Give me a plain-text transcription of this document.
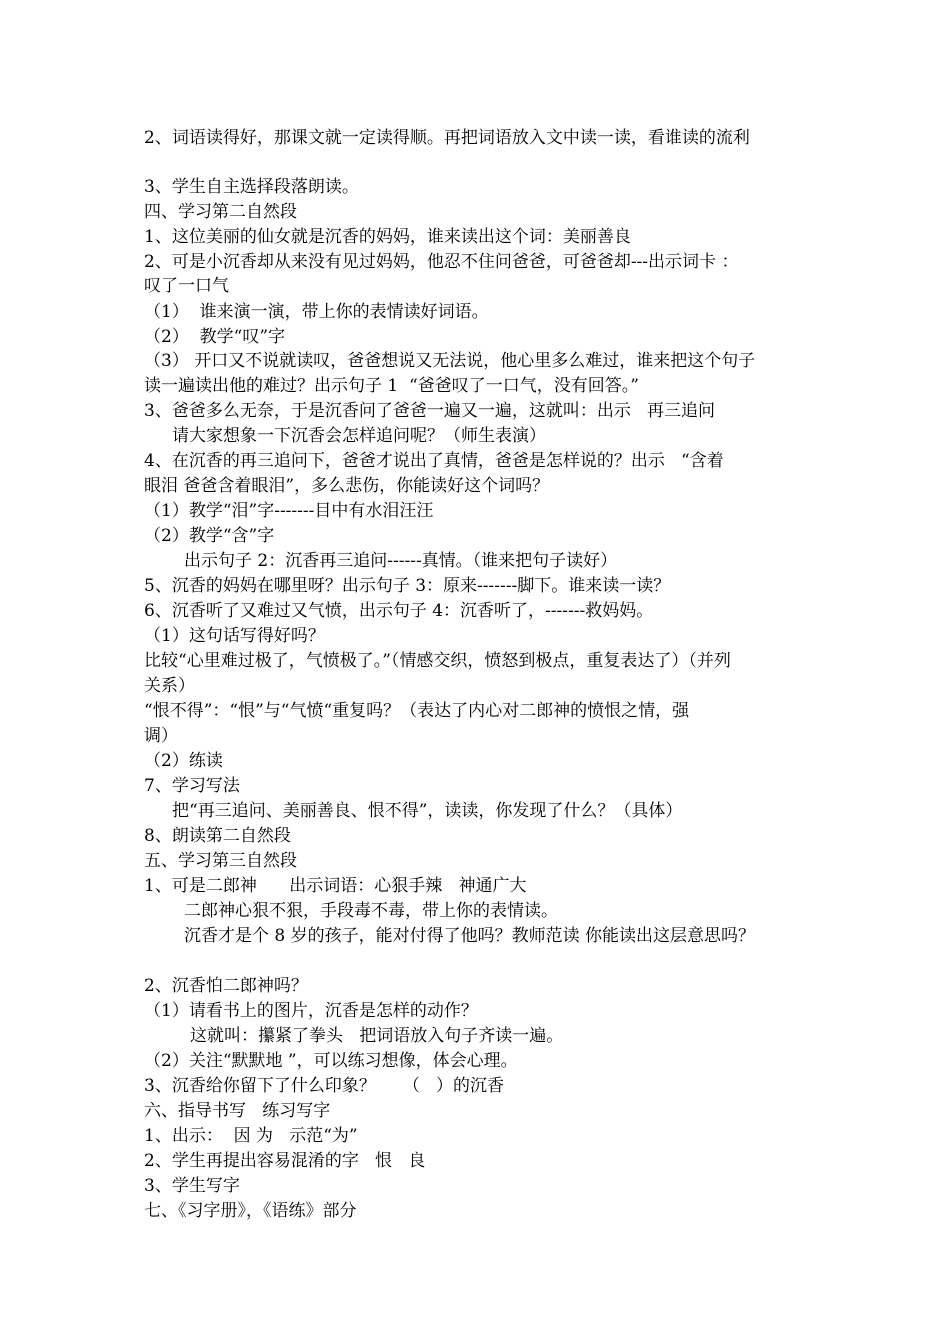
2、词语读得好，那课文就一定读得顺。再把词语放入文中读一读，看谁读的流利
3、学生自主选择段落朗读。
四、学习第二自然段
1、这位美丽的仙女就是沉香的妈妈，谁来读出这个词：美丽善良
2、可是小沉香却从来没有见过妈妈，他忍不住问爸爸，可爸爸却---出示词卡 ：
叹了一口气
（1）  谁来演一演，带上你的表情读好词语。
（2）  教学“叹”字
（3） 开口又不说就读叹，爸爸想说又无法说，他心里多么难过，谁来把这个句子
读一遍读出他的难过？出示句子 1  “爸爸叹了一口气，没有回答。”
3、爸爸多么无奈，于是沉香问了爸爸一遍又一遍，这就叫：出示   再三追问
请大家想象一下沉香会怎样追问呢？（师生表演）
4、在沉香的再三追问下，爸爸才说出了真情，爸爸是怎样说的？出示   “含着
眼泪 爸爸含着眼泪”，多么悲伤，你能读好这个词吗？
（1）教学“泪”字-------目中有水泪汪汪
（2）教学“含”字
出示句子 2：沉香再三追问------真情。（谁来把句子读好）
5、沉香的妈妈在哪里呀？出示句子 3：原来-------脚下。谁来读一读？
6、沉香听了又难过又气愤，出示句子 4：沉香听了，-------救妈妈。
（1）这句话写得好吗？
比较“心里难过极了，气愤极了。”（情感交织，愤怒到极点，重复表达了）（并列
关系）
“恨不得”：“恨”与“气愤“重复吗？（表达了内心对二郎神的愤恨之情，强
调）
（2）练读
7、学习写法
把“再三追问、美丽善良、恨不得”，读读，你发现了什么？（具体）
8、朗读第二自然段
五、学习第三自然段
1、可是二郎神      出示词语：心狠手辣   神通广大
二郎神心狠不狠，手段毒不毒，带上你的表情读。
沉香才是个 8 岁的孩子，能对付得了他吗？教师范读 你能读出这层意思吗？
2、沉香怕二郎神吗？
（1）请看书上的图片，沉香是怎样的动作？
这就叫：攥紧了拳头   把词语放入句子齐读一遍。
（2）关注“默默地 ”，可以练习想像，体会心理。
3、沉香给你留下了什么印象？     （   ）的沉香
六、指导书写   练习写字
1、出示：  因 为   示范“为”
2、学生再提出容易混淆的字   恨   良
3、学生写字
七、《习字册》，《语练》部分
